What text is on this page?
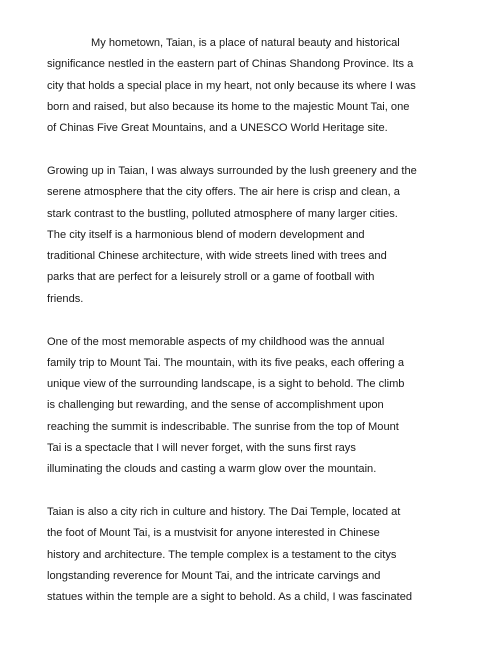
My hometown, Taian, is a place of natural beauty and historical
significance nestled in the eastern part of Chinas Shandong Province. Its a
city that holds a special place in my heart, not only because its where I was
born and raised, but also because its home to the majestic Mount Tai, one
of Chinas Five Great Mountains, and a UNESCO World Heritage site.

Growing up in Taian, I was always surrounded by the lush greenery and the
serene atmosphere that the city offers. The air here is crisp and clean, a
stark contrast to the bustling, polluted atmosphere of many larger cities.
The city itself is a harmonious blend of modern development and
traditional Chinese architecture, with wide streets lined with trees and
parks that are perfect for a leisurely stroll or a game of football with
friends.

One of the most memorable aspects of my childhood was the annual
family trip to Mount Tai. The mountain, with its five peaks, each offering a
unique view of the surrounding landscape, is a sight to behold. The climb
is challenging but rewarding, and the sense of accomplishment upon
reaching the summit is indescribable. The sunrise from the top of Mount
Tai is a spectacle that I will never forget, with the suns first rays
illuminating the clouds and casting a warm glow over the mountain.

Taian is also a city rich in culture and history. The Dai Temple, located at
the foot of Mount Tai, is a mustvisit for anyone interested in Chinese
history and architecture. The temple complex is a testament to the citys
longstanding reverence for Mount Tai, and the intricate carvings and
statues within the temple are a sight to behold. As a child, I was fascinated
